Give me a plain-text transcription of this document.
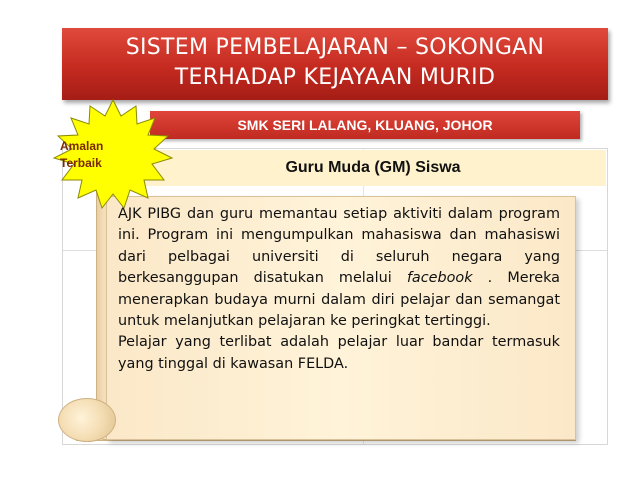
SISTEM PEMBELAJARAN – SOKONGAN
TERHADAP KEJAYAAN MURID
SMK SERI LALANG, KLUANG, JOHOR
Guru Muda (GM) Siswa

AJK PIBG dan guru memantau setiap aktiviti dalam program ini. Program ini mengumpulkan mahasiswa dan mahasiswi dari pelbagai universiti di seluruh negara yang berkesanggupan disatukan melalui facebook . Mereka menerapkan budaya murni dalam diri pelajar dan semangat untuk melanjutkan pelajaran ke peringkat tertinggi.

Pelajar yang terlibat adalah pelajar luar bandar termasuk yang tinggal di kawasan FELDA.

Amalan
Terbaik
